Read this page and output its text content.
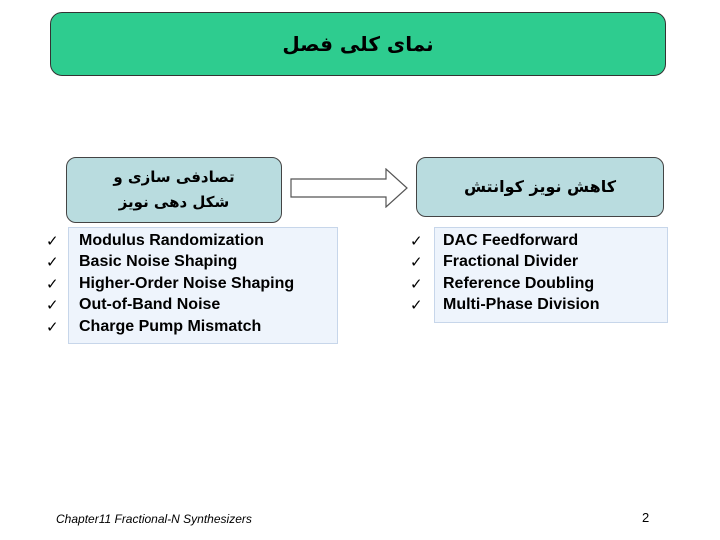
نمای کلی فصل
تصادفی سازی و
شکل دهی نویز
کاهش نویز کوانتش
✓	Modulus Randomization
✓	Basic Noise Shaping
✓	Higher-Order Noise Shaping
✓	Out-of-Band Noise
✓	Charge Pump Mismatch
✓	DAC Feedforward
✓	Fractional Divider
✓	Reference Doubling
✓	Multi-Phase Division
Chapter11 Fractional-N Synthesizers	2
